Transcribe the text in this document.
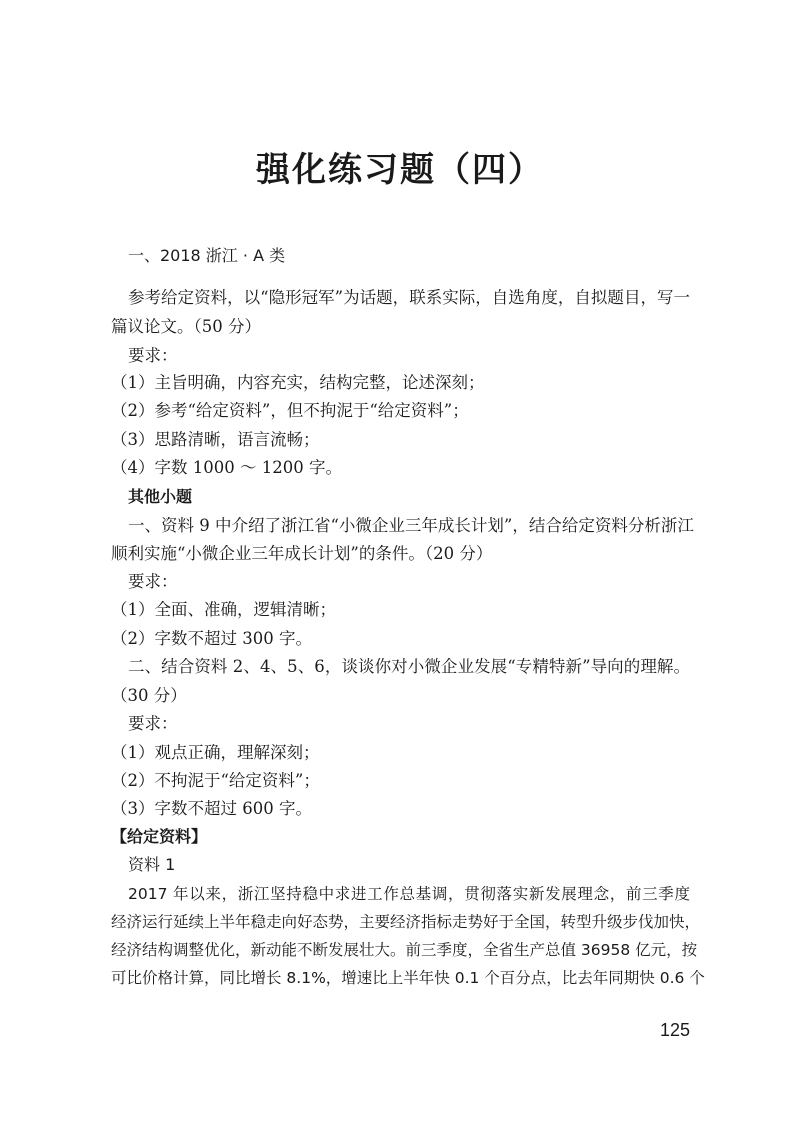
强化练习题（四）
一、2018 浙江 · A 类
参考给定资料，以“隐形冠军”为话题，联系实际，自选角度，自拟题目，写一
篇议论文。（50 分）
要求：
（1）主旨明确，内容充实，结构完整，论述深刻；
（2）参考“给定资料”，但不拘泥于“给定资料”；
（3）思路清晰，语言流畅；
（4）字数 1000 ～ 1200 字。
其他小题
一、资料 9 中介绍了浙江省“小微企业三年成长计划”，结合给定资料分析浙江
顺利实施“小微企业三年成长计划”的条件。（20 分）
要求：
（1）全面、准确，逻辑清晰；
（2）字数不超过 300 字。
二、结合资料 2、4、5、6，谈谈你对小微企业发展“专精特新”导向的理解。
（30 分）
要求：
（1）观点正确，理解深刻；
（2）不拘泥于“给定资料”；
（3）字数不超过 600 字。
【给定资料】
资料 1
2017 年以来，浙江坚持稳中求进工作总基调，贯彻落实新发展理念，前三季度
经济运行延续上半年稳走向好态势，主要经济指标走势好于全国，转型升级步伐加快，
经济结构调整优化，新动能不断发展壮大。前三季度，全省生产总值 36958 亿元，按
可比价格计算，同比增长 8.1%，增速比上半年快 0.1 个百分点，比去年同期快 0.6 个
125
